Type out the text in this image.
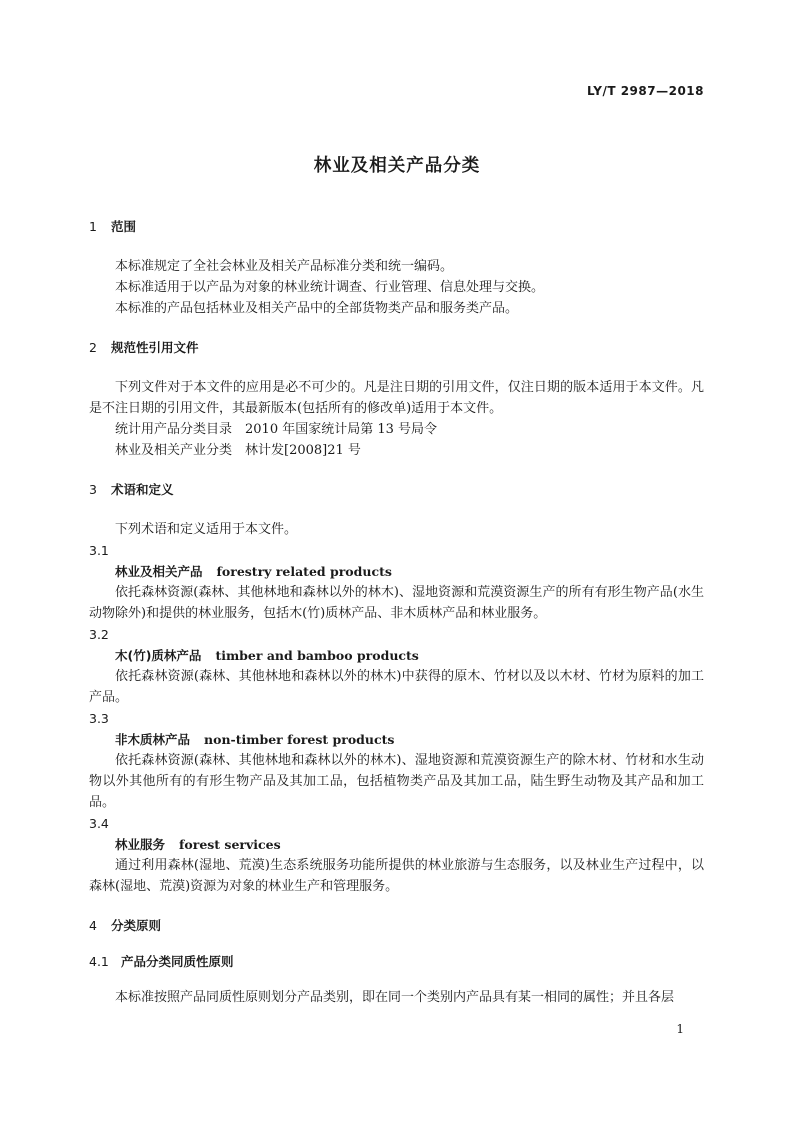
LY/T 2987—2018
林业及相关产品分类
1	范围
本标准规定了全社会林业及相关产品标准分类和统一编码。
本标准适用于以产品为对象的林业统计调查、行业管理、信息处理与交换。
本标准的产品包括林业及相关产品中的全部货物类产品和服务类产品。
2	规范性引用文件
下列文件对于本文件的应用是必不可少的。凡是注日期的引用文件，仅注日期的版本适用于本文件。凡是不注日期的引用文件，其最新版本(包括所有的修改单)适用于本文件。
统计用产品分类目录　2010 年国家统计局第 13 号局令
林业及相关产业分类　林计发[2008]21 号
3	术语和定义
下列术语和定义适用于本文件。
3.1
林业及相关产品 forestry related products
依托森林资源(森林、其他林地和森林以外的林木)、湿地资源和荒漠资源生产的所有有形生物产品(水生动物除外)和提供的林业服务，包括木(竹)质林产品、非木质林产品和林业服务。
3.2
木(竹)质林产品 timber and bamboo products
依托森林资源(森林、其他林地和森林以外的林木)中获得的原木、竹材以及以木材、竹材为原料的加工产品。
3.3
非木质林产品 non-timber forest products
依托森林资源(森林、其他林地和森林以外的林木)、湿地资源和荒漠资源生产的除木材、竹材和水生动物以外其他所有的有形生物产品及其加工品，包括植物类产品及其加工品，陆生野生动物及其产品和加工品。
3.4
林业服务 forest services
通过利用森林(湿地、荒漠)生态系统服务功能所提供的林业旅游与生态服务，以及林业生产过程中，以森林(湿地、荒漠)资源为对象的林业生产和管理服务。
4	分类原则
4.1 产品分类同质性原则
本标准按照产品同质性原则划分产品类别，即在同一个类别内产品具有某一相同的属性；并且各层
1
